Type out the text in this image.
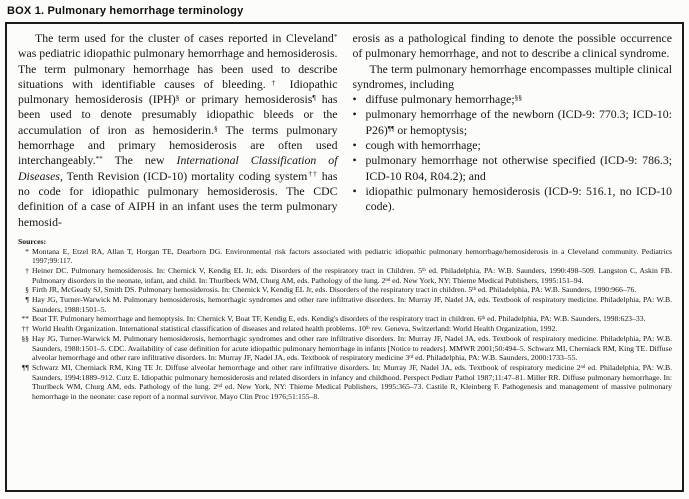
BOX 1. Pulmonary hemorrhage terminology
The term used for the cluster of cases reported in Cleveland* was pediatric idiopathic pulmonary hemorrhage and hemosiderosis. The term pulmonary hemorrhage has been used to describe situations with identifiable causes of bleeding.† Idiopathic pulmonary hemosiderosis (IPH)§ or primary hemosiderosis¶ has been used to denote presumably idiopathic bleeds or the accumulation of iron as hemosiderin.§ The terms pulmonary hemorrhage and primary hemosiderosis are often used interchangeably.** The new International Classification of Diseases, Tenth Revision (ICD-10) mortality coding system†† has no code for idiopathic pulmonary hemosiderosis. The CDC definition of a case of AIPH in an infant uses the term pulmonary hemosid-
erosis as a pathological finding to denote the possible occurrence of pulmonary hemorrhage, and not to describe a clinical syndrome.
The term pulmonary hemorrhage encompasses multiple clinical syndromes, including
• diffuse pulmonary hemorrhage;§§
• pulmonary hemorrhage of the newborn (ICD-9: 770.3; ICD-10: P26)¶¶ or hemoptysis;
• cough with hemorrhage;
• pulmonary hemorrhage not otherwise specified (ICD-9: 786.3; ICD-10 R04, R04.2); and
• idiopathic pulmonary hemosiderosis (ICD-9: 516.1, no ICD-10 code).
Sources:
* Montana E, Etzel RA, Allan T, Horgan TE, Dearborn DG. Environmental risk factors associated with pediatric idiopathic pulmonary hemorrhage/hemosiderosis in a Cleveland community. Pediatrics 1997;99:117.
† Heiner DC. Pulmonary hemosiderosis. In: Chernick V, Kendig EL Jr, eds. Disorders of the respiratory tract in Children. 5th ed. Philadelphia, PA: W.B. Saunders, 1990:498–509. Langston C, Askin FB. Pulmonary disorders in the neonate, infant, and child. In: Thurlbeck WM, Churg AM, eds. Pathology of the lung. 2nd ed. New York, NY: Thieme Medical Publishers, 1995:151–94.
§ Firth JR, McGeady SJ, Smith DS. Pulmonary hemosiderosis. In: Chernick V, Kendig EL Jr, eds. Disorders of the respiratory tract in children. 5th ed. Philadelphia, PA: W.B. Saunders, 1990:966–76.
¶ Hay JG, Turner-Warwick M. Pulmonary hemosiderosis, hemorrhagic syndromes and other rare infiltrative disorders. In: Murray JF, Nadel JA, eds. Textbook of respiratory medicine. Philadelphia, PA: W.B. Saunders, 1988:1501–5.
** Boat TF. Pulmonary hemorrhage and hemoptysis. In: Chernick V, Boat TF, Kendig E, eds. Kendig's disorders of the respiratory tract in children. 6th ed. Philadelphia, PA: W.B. Saunders, 1998:623–33.
†† World Health Organization. International statistical classification of diseases and related health problems. 10th rev. Geneva, Switzerland: World Health Organization, 1992.
§§ Hay JG, Turner-Warwick M. Pulmonary hemosiderosis, hemorrhagic syndromes and other rare infiltrative disorders. In: Murray JF, Nadel JA, eds. Textbook of respiratory medicine. Philadelphia, PA: W.B. Saunders, 1988:1501–5. CDC. Availability of case definition for acute idiopathic pulmonary hemorrhage in infants [Notice to readers]. MMWR 2001;50:494–5. Schwarz MI, Cherniack RM, King TE. Diffuse alveolar hemorrhage and other rare infiltrative disorders. In: Murray JF, Nadel JA, eds. Textbook of respiratory medicine 3rd ed. Philadelphia, PA: W.B. Saunders, 2000:1733–55.
¶¶ Schwarz MI, Cherniack RM, King TE Jr. Diffuse alveolar hemorrhage and other rare infiltrative disorders. In: Murray JF, Nadel JA, eds. Textbook of respiratory medicine 2nd ed. Philadelphia, PA: W.B. Saunders, 1994:1889–912. Cutz E. Idiopathic pulmonary hemosiderosis and related disorders in infancy and childhood. Perspect Pediatr Pathol 1987;11:47–81. Miller RR. Diffuse pulmonary hemorrhage. In: Thurlbeck WM, Churg AM, eds. Pathology of the lung. 2nd ed. New York, NY: Thieme Medical Publishers, 1995:365–73. Castile R, Kleinberg F. Pathogenesis and management of massive pulmonary hemorrhage in the neonate: case report of a normal survivor. Mayo Clin Proc 1976;51:155–8.
